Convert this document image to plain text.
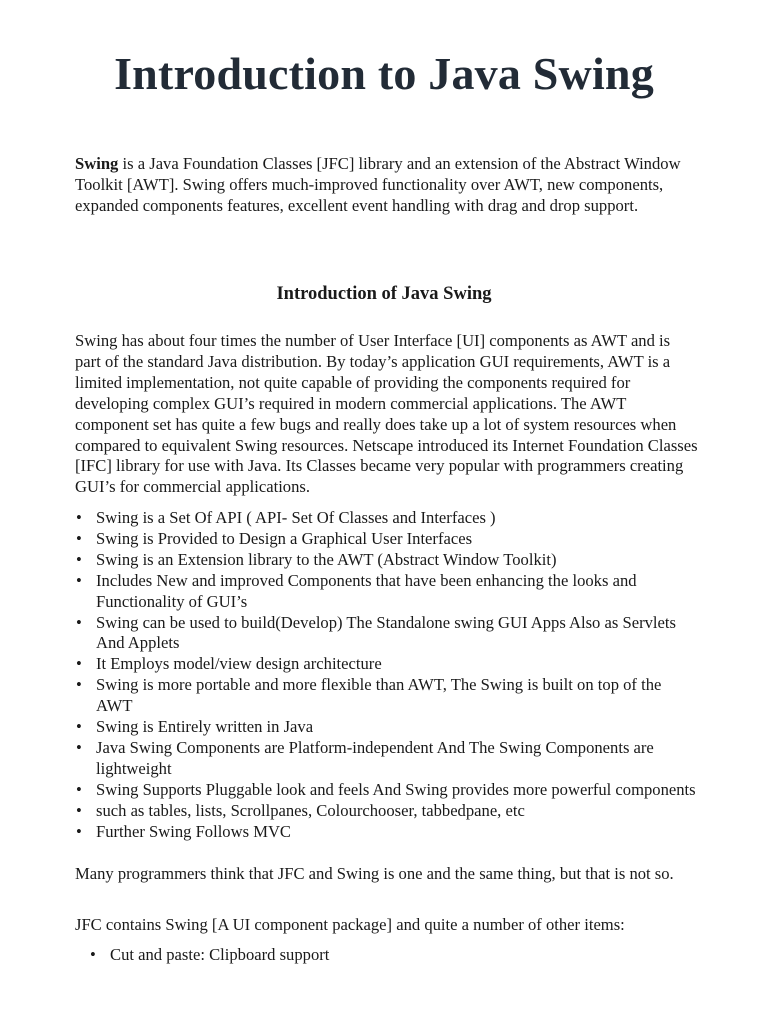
Introduction to Java Swing

Swing is a Java Foundation Classes [JFC] library and an extension of the Abstract Window Toolkit [AWT]. Swing offers much-improved functionality over AWT, new components, expanded components features, excellent event handling with drag and drop support.

Introduction of Java Swing

Swing has about four times the number of User Interface [UI] components as AWT and is part of the standard Java distribution. By today’s application GUI requirements, AWT is a limited implementation, not quite capable of providing the components required for developing complex GUI’s required in modern commercial applications. The AWT component set has quite a few bugs and really does take up a lot of system resources when compared to equivalent Swing resources. Netscape introduced its Internet Foundation Classes [IFC] library for use with Java. Its Classes became very popular with programmers creating GUI’s for commercial applications.

• Swing is a Set Of API ( API- Set Of Classes and Interfaces )
• Swing is Provided to Design a Graphical User Interfaces
• Swing is an Extension library to the AWT (Abstract Window Toolkit)
• Includes New and improved Components that have been enhancing the looks and Functionality of GUI’s
• Swing can be used to build(Develop) The Standalone swing GUI Apps Also as Servlets And Applets
• It Employs model/view design architecture
• Swing is more portable and more flexible than AWT, The Swing is built on top of the AWT
• Swing is Entirely written in Java
• Java Swing Components are Platform-independent And The Swing Components are lightweight
• Swing Supports Pluggable look and feels And Swing provides more powerful components
• such as tables, lists, Scrollpanes, Colourchooser, tabbedpane, etc
• Further Swing Follows MVC

Many programmers think that JFC and Swing is one and the same thing, but that is not so.

JFC contains Swing [A UI component package] and quite a number of other items:

• Cut and paste: Clipboard support
